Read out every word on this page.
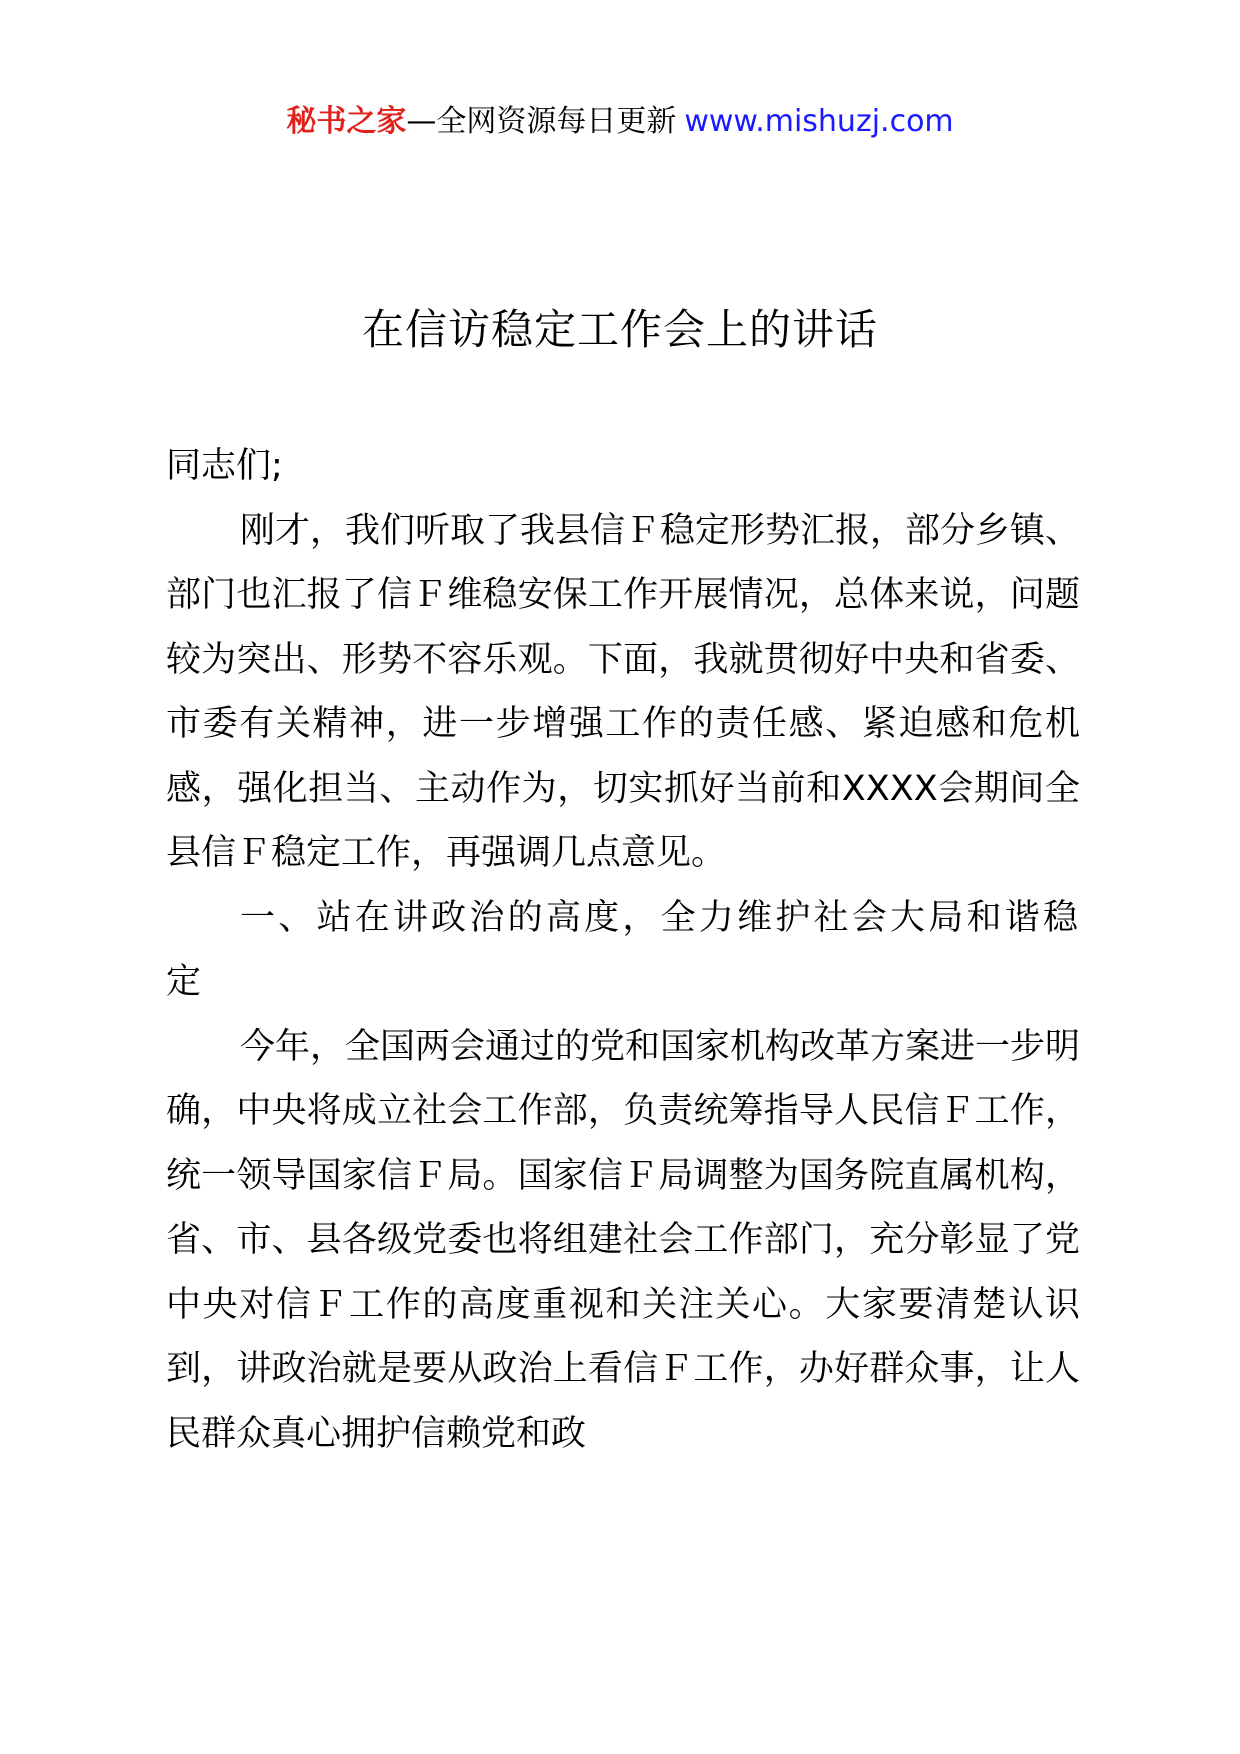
秘书之家—全网资源每日更新 www.mishuzj.com
在信访稳定工作会上的讲话

同志们;

刚才，我们听取了我县信Ｆ稳定形势汇报，部分乡镇、部门也汇报了信Ｆ维稳安保工作开展情况，总体来说，问题较为突出、形势不容乐观。下面，我就贯彻好中央和省委、市委有关精神，进一步增强工作的责任感、紧迫感和危机感，强化担当、主动作为，切实抓好当前和XXXX会期间全县信Ｆ稳定工作，再强调几点意见。

一、站在讲政治的高度，全力维护社会大局和谐稳定

今年，全国两会通过的党和国家机构改革方案进一步明确，中央将成立社会工作部，负责统筹指导人民信Ｆ工作，统一领导国家信Ｆ局。国家信Ｆ局调整为国务院直属机构，省、市、县各级党委也将组建社会工作部门，充分彰显了党中央对信Ｆ工作的高度重视和关注关心。大家要清楚认识到，讲政治就是要从政治上看信Ｆ工作，办好群众事，让人民群众真心拥护信赖党和政
